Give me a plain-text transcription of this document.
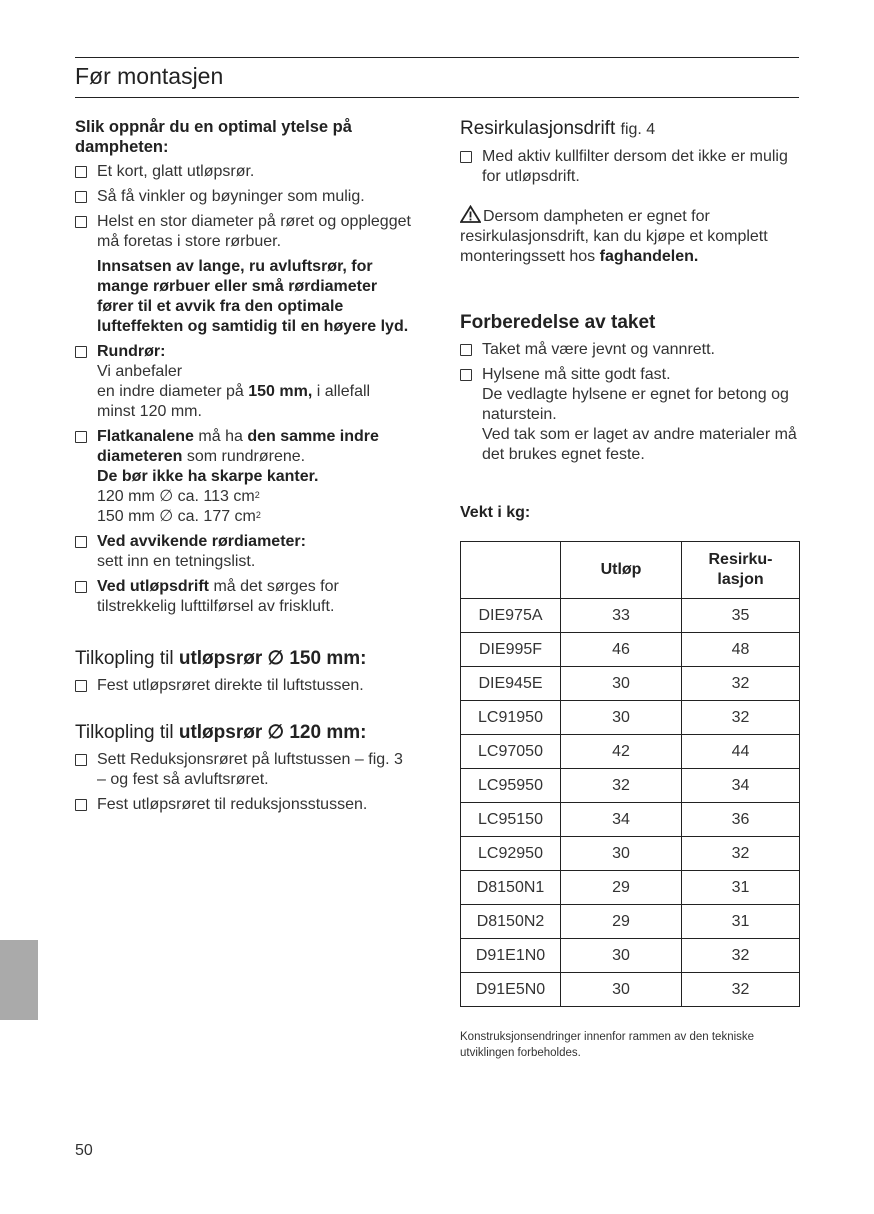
Før montasjen

Slik oppnår du en optimal ytelse på dampheten:

Et kort, glatt utløpsrør.
Så få vinkler og bøyninger som mulig.
Helst en stor diameter på røret og opplegget må foretas i store rørbuer.
Innsatsen av lange, ru avluftsrør, for mange rørbuer eller små rørdiameter fører til et avvik fra den optimale lufteffekten og samtidig til en høyere lyd.
Rundrør:
Vi anbefaler
en indre diameter på 150 mm, i allefall
minst 120 mm.
Flatkanalene må ha den samme indre diameteren som rundrørene.
De bør ikke ha skarpe kanter.
120 mm ∅ ca. 113 $cm^2$
150 mm ∅ ca. 177 $cm^2$
Ved avvikende rørdiameter:
sett inn en tetningslist.
Ved utløpsdrift må det sørges for
tilstrekkelig lufttilførsel av friskluft.

Tilkopling til utløpsrør ∅ 150 mm:

Fest utløpsrøret direkte til luftstussen.

Tilkopling til utløpsrør ∅ 120 mm:

Sett Reduksjonsrøret på luftstussen – fig. 3 – og fest så avluftsrøret.
Fest utløpsrøret til reduksjonsstussen.

Resirkulasjonsdrift fig. 4

Med aktiv kullfilter dersom det ikke er mulig for utløpsdrift.

Dersom dampheten er egnet for resirkulasjonsdrift, kan du kjøpe et komplett monteringssett hos faghandelen.

Forberedelse av taket

Taket må være jevnt og vannrett.
Hylsene må sitte godt fast.
De vedlagte hylsene er egnet for betong og naturstein.
Ved tak som er laget av andre materialer må det brukes egnet feste.

Vekt i kg:

	Utløp	Resirku-
lasjon

DIE975A	33	35
DIE995F	46	48
DIE945E	30	32
LC91950	30	32
LC97050	42	44
LC95950	32	34
LC95150	34	36
LC92950	30	32
D8150N1	29	31
D8150N2	29	31
D91E1N0	30	32
D91E5N0	30	32

Konstruksjonsendringer innenfor rammen av den tekniske utviklingen forbeholdes.

50
